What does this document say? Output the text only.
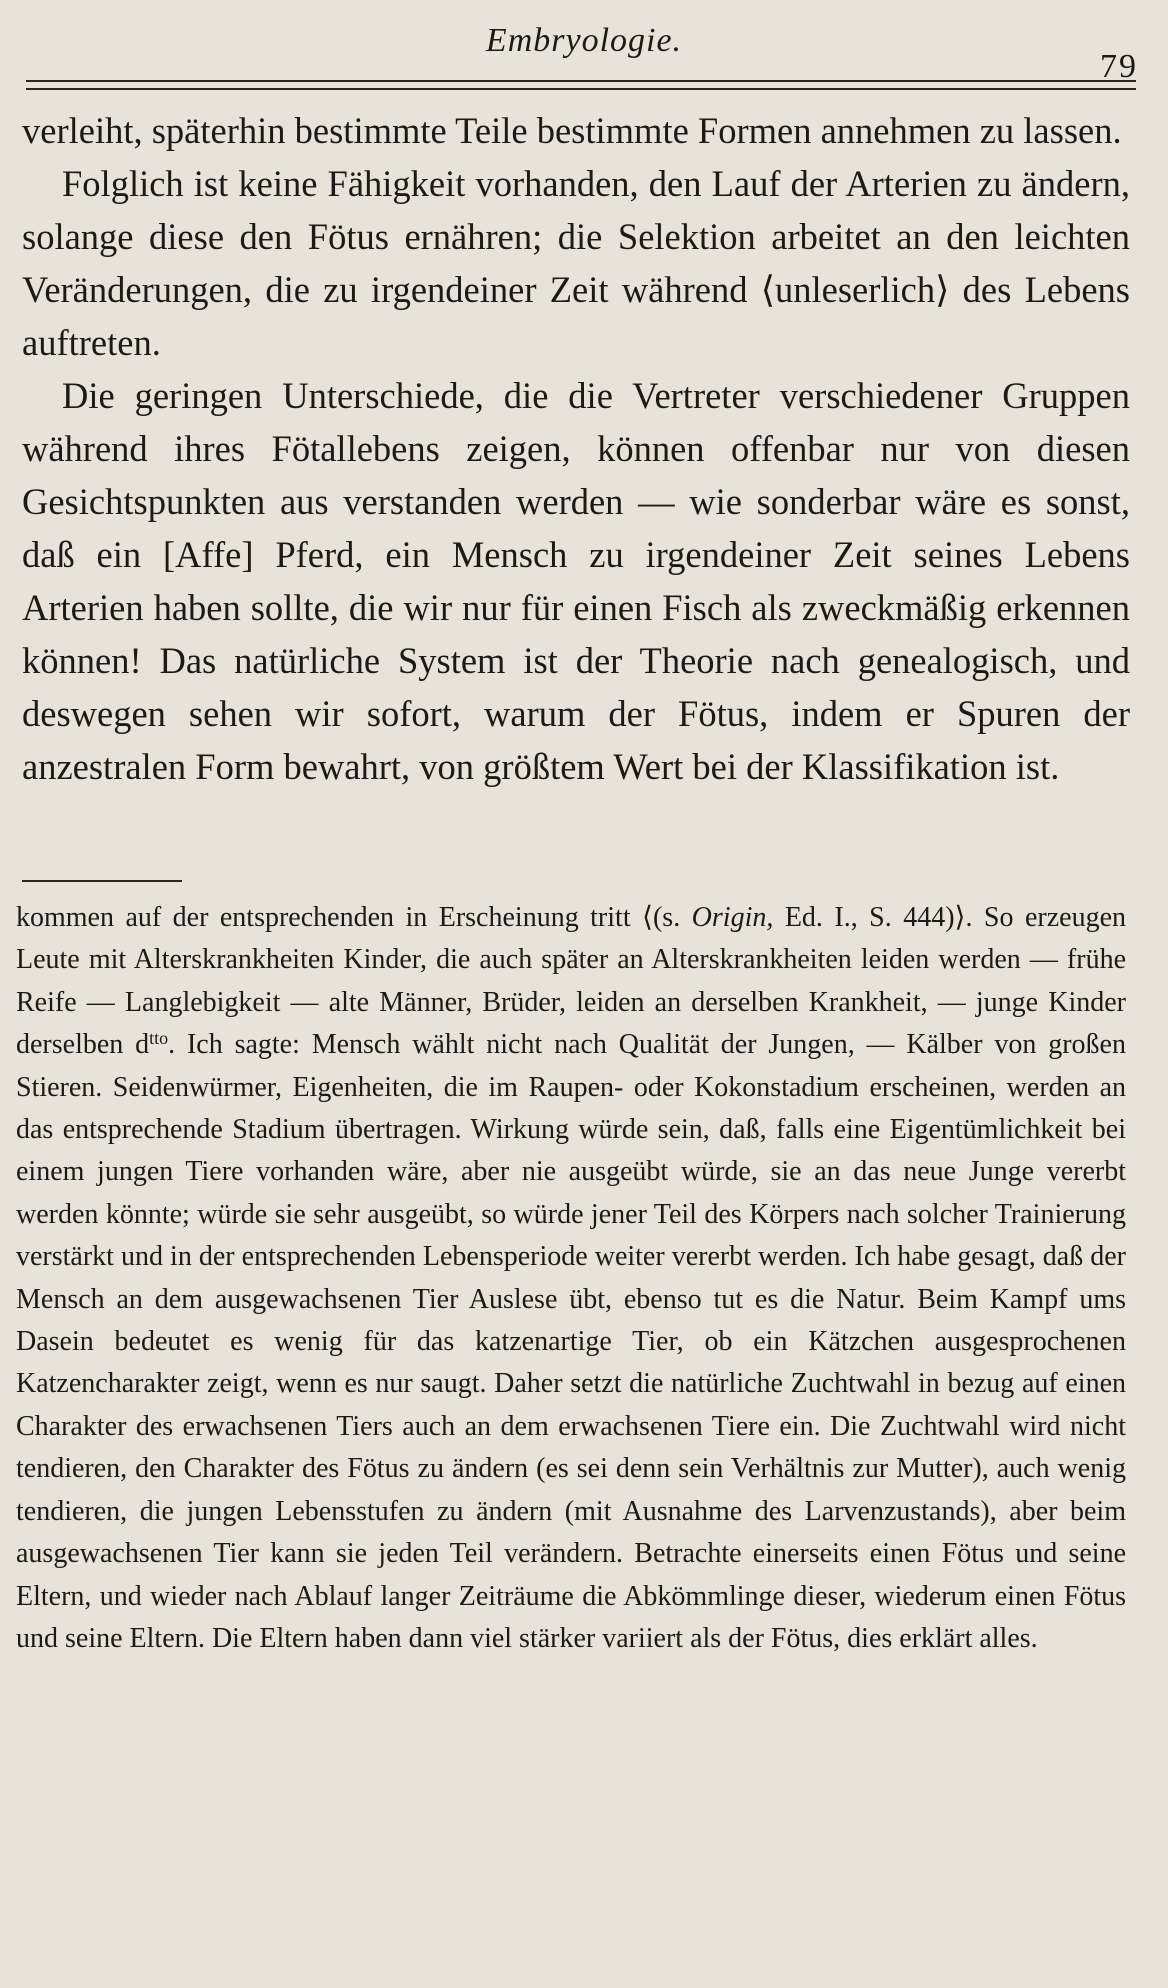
Embryologie.
79

verleiht, späterhin bestimmte Teile bestimmte Formen annehmen zu lassen.

Folglich ist keine Fähigkeit vorhanden, den Lauf der Arterien zu ändern, solange diese den Fötus ernähren; die Selektion arbeitet an den leichten Veränderungen, die zu irgendeiner Zeit während ⟨unleserlich⟩ des Lebens auftreten.

Die geringen Unterschiede, die die Vertreter verschiedener Gruppen während ihres Fötallebens zeigen, können offenbar nur von diesen Gesichtspunkten aus verstanden werden — wie sonderbar wäre es sonst, daß ein [Affe] Pferd, ein Mensch zu irgendeiner Zeit seines Lebens Arterien haben sollte, die wir nur für einen Fisch als zweckmäßig erkennen können! Das natürliche System ist der Theorie nach genealogisch, und deswegen sehen wir sofort, warum der Fötus, indem er Spuren der anzestralen Form bewahrt, von größtem Wert bei der Klassifikation ist.

kommen auf der entsprechenden in Erscheinung tritt ⟨(s. Origin, Ed. I., S. 444)⟩. So erzeugen Leute mit Alterskrankheiten Kinder, die auch später an Alterskrankheiten leiden werden — frühe Reife — Langlebigkeit — alte Männer, Brüder, leiden an derselben Krankheit, — junge Kinder derselben $d^{tto}$. Ich sagte: Mensch wählt nicht nach Qualität der Jungen, — Kälber von großen Stieren. Seidenwürmer, Eigenheiten, die im Raupen- oder Kokonstadium erscheinen, werden an das entsprechende Stadium übertragen. Wirkung würde sein, daß, falls eine Eigentümlichkeit bei einem jungen Tiere vorhanden wäre, aber nie ausgeübt würde, sie an das neue Junge vererbt werden könnte; würde sie sehr ausgeübt, so würde jener Teil des Körpers nach solcher Trainierung verstärkt und in der entsprechenden Lebensperiode weiter vererbt werden. Ich habe gesagt, daß der Mensch an dem ausgewachsenen Tier Auslese übt, ebenso tut es die Natur. Beim Kampf ums Dasein bedeutet es wenig für das katzenartige Tier, ob ein Kätzchen ausgesprochenen Katzencharakter zeigt, wenn es nur saugt. Daher setzt die natürliche Zuchtwahl in bezug auf einen Charakter des erwachsenen Tiers auch an dem erwachsenen Tiere ein. Die Zuchtwahl wird nicht tendieren, den Charakter des Fötus zu ändern (es sei denn sein Verhältnis zur Mutter), auch wenig tendieren, die jungen Lebensstufen zu ändern (mit Ausnahme des Larvenzustands), aber beim ausgewachsenen Tier kann sie jeden Teil verändern. Betrachte einerseits einen Fötus und seine Eltern, und wieder nach Ablauf langer Zeiträume die Abkömmlinge dieser, wiederum einen Fötus und seine Eltern. Die Eltern haben dann viel stärker variiert als der Fötus, dies erklärt alles.
